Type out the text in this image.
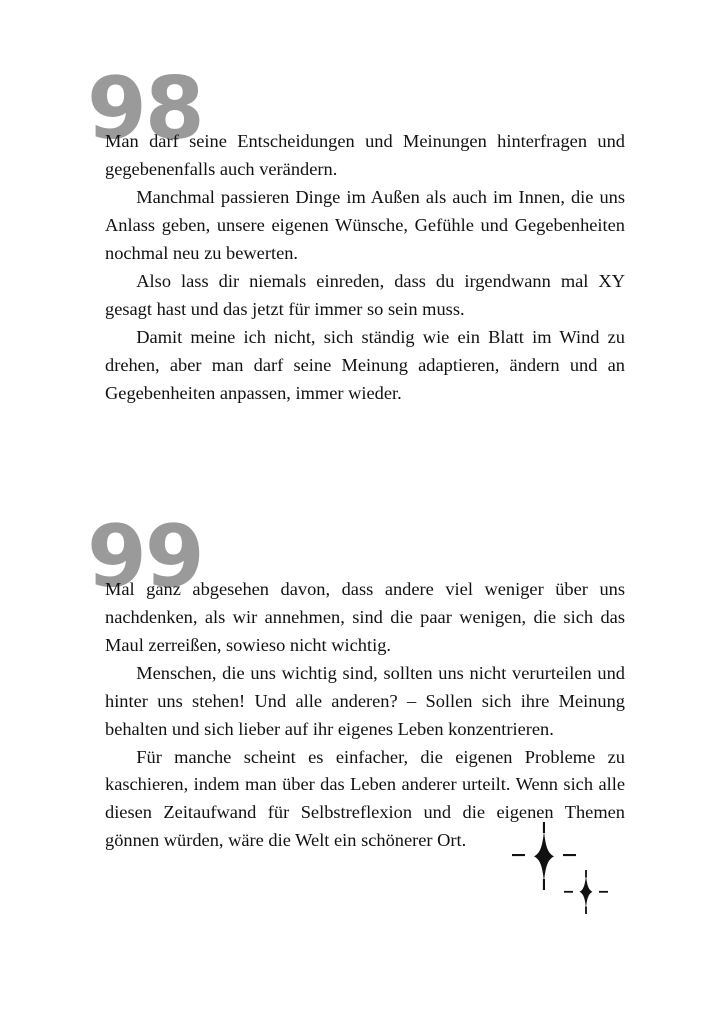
98

Man darf seine Entscheidungen und Meinungen hinterfragen und gegebenenfalls auch verändern.

Manchmal passieren Dinge im Außen als auch im Innen, die uns Anlass geben, unsere eigenen Wünsche, Gefühle und Gegebenheiten nochmal neu zu bewerten.

Also lass dir niemals einreden, dass du irgendwann mal XY gesagt hast und das jetzt für immer so sein muss.

Damit meine ich nicht, sich ständig wie ein Blatt im Wind zu drehen, aber man darf seine Meinung adaptieren, ändern und an Gegebenheiten anpassen, immer wieder.

99

Mal ganz abgesehen davon, dass andere viel weniger über uns nachdenken, als wir annehmen, sind die paar wenigen, die sich das Maul zerreißen, sowieso nicht wichtig.

Menschen, die uns wichtig sind, sollten uns nicht verurteilen und hinter uns stehen! Und alle anderen? – Sollen sich ihre Meinung behalten und sich lieber auf ihr eigenes Leben konzentrieren.

Für manche scheint es einfacher, die eigenen Probleme zu kaschieren, indem man über das Leben anderer urteilt. Wenn sich alle diesen Zeitaufwand für Selbstreflexion und die eigenen Themen gönnen würden, wäre die Welt ein schönerer Ort.
